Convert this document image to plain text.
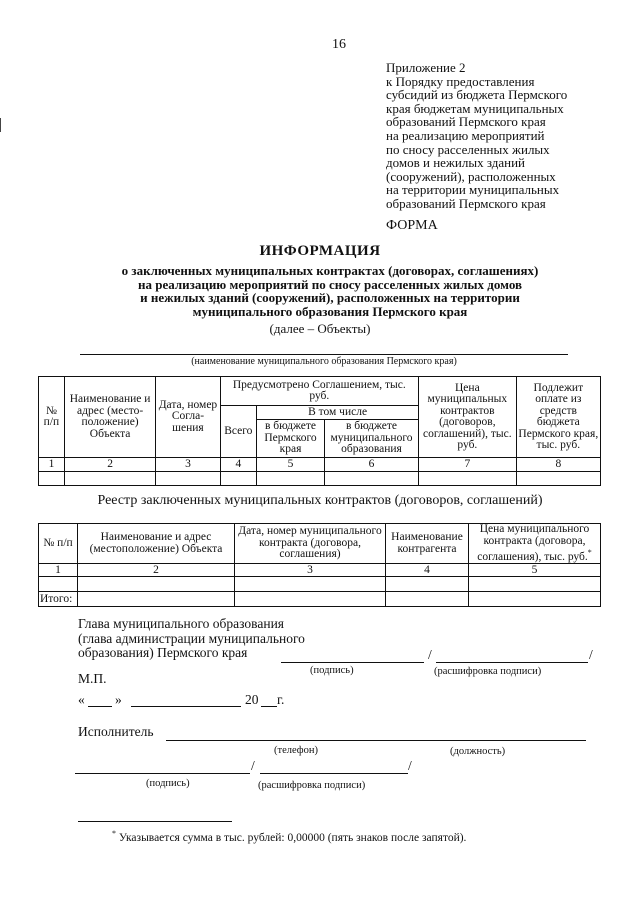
16
Приложение 2
к Порядку предоставления
субсидий из бюджета Пермского
края бюджетам муниципальных
образований Пермского края
на реализацию мероприятий
по сносу расселенных жилых
домов и нежилых зданий
(сооружений), расположенных
на территории муниципальных
образований Пермского края
ФОРМА
ИНФОРМАЦИЯ
о заключенных муниципальных контрактах (договорах, соглашениях)
на реализацию мероприятий по сносу расселенных жилых домов
и нежилых зданий (сооружений), расположенных на территории
муниципального образования Пермского края
(далее – Объекты)
(наименование муниципального образования Пермского края)
№ п/п	Наименование и адрес (место-положение) Объекта	Дата, номер Согла-шения	Предусмотрено Соглашением, тыс. руб.			Цена муниципальных контрактов (договоров, соглашений), тыс. руб.	Подлежит оплате из средств бюджета Пермского края, тыс. руб.
			Всего	В том числе			
				в бюджете Пермского края	в бюджете муниципального образования		
1	2	3	4	5	6	7	8

Реестр заключенных муниципальных контрактов (договоров, соглашений)
№ п/п	Наименование и адрес (местоположение) Объекта	Дата, номер муниципального контракта (договора, соглашения)	Наименование контрагента	Цена муниципального контракта (договора, соглашения), тыс. руб.*
1	2	3	4	5

Итого:				
Глава муниципального образования
(глава администрации муниципального
образования) Пермского края	/	/
(подпись)	(расшифровка подписи)
М.П.
« »	20 г.
Исполнитель
(телефон)	(должность)
/	/
(подпись)	(расшифровка подписи)
* Указывается сумма в тыс. рублей: 0,00000 (пять знаков после запятой).
